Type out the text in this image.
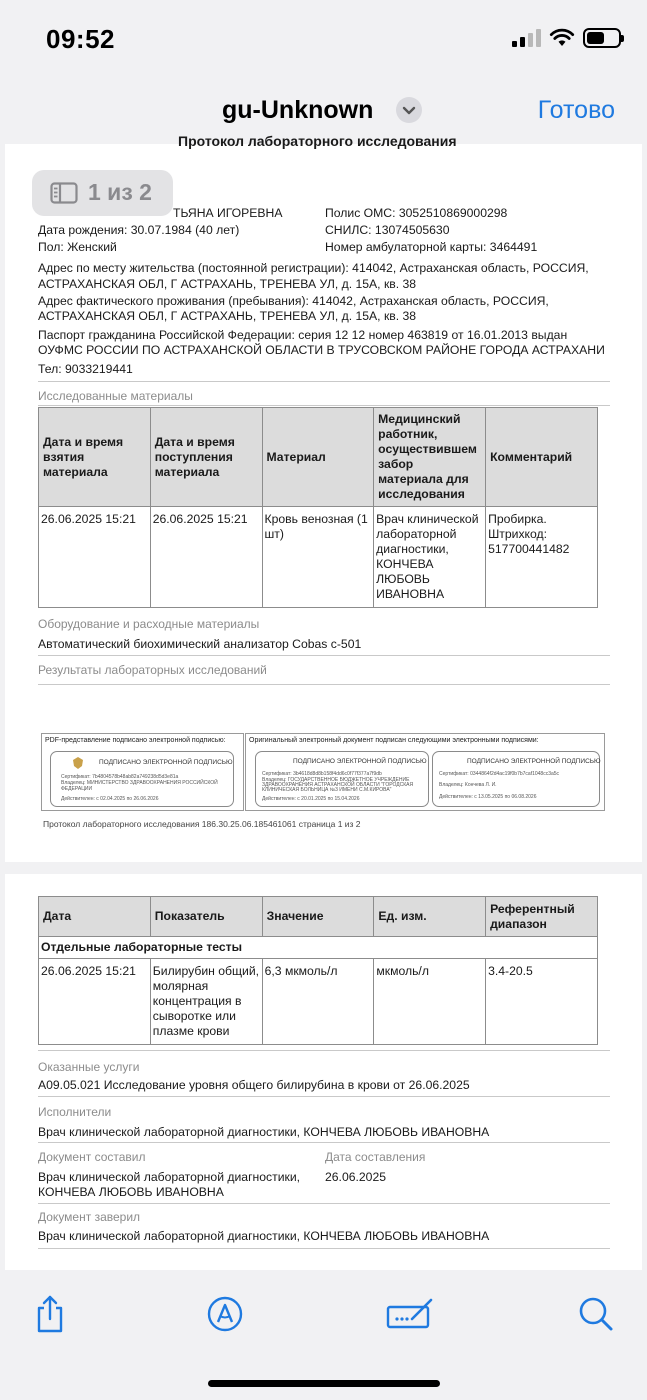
09:52
gu-Unknown	Готово
Протокол лабораторного исследования
ТЬЯНА ИГОРЕВНА
Дата рождения: 30.07.1984 (40 лет)
Пол: Женский
Полис ОМС: 3052510869000298
СНИЛС: 13074505630
Номер амбулаторной карты: 3464491
Адрес по месту жительства (постоянной регистрации): 414042, Астраханская область, РОССИЯ,
АСТРАХАНСКАЯ ОБЛ, Г АСТРАХАНЬ, ТРЕНЕВА УЛ, д. 15А, кв. 38
Адрес фактического проживания (пребывания): 414042, Астраханская область, РОССИЯ,
АСТРАХАНСКАЯ ОБЛ, Г АСТРАХАНЬ, ТРЕНЕВА УЛ, д. 15А, кв. 38
Паспорт гражданина Российской Федерации: серия 12 12 номер 463819 от 16.01.2013 выдан
ОУФМС РОССИИ ПО АСТРАХАНСКОЙ ОБЛАСТИ В ТРУСОВСКОМ РАЙОНЕ ГОРОДА АСТРАХАНИ
Тел: 9033219441
Исследованные материалы
Дата и время взятия материала	Дата и время поступления материала	Материал	Медицинский работник, осуществившем забор материала для исследования	Комментарий
26.06.2025 15:21	26.06.2025 15:21	Кровь венозная (1 шт)	Врач клинической лабораторной диагностики, КОНЧЕВА ЛЮБОВЬ ИВАНОВНА	Пробирка. Штрихкод: 517700441482
Оборудование и расходные материалы
Автоматический биохимический анализатор Cobas c-501
Результаты лабораторных исследований
PDF-представление подписано электронной подписью:
ПОДПИСАНО ЭЛЕКТРОННОЙ ПОДПИСЬЮ
Сертификат: 7b4804578b48ab82a749238d5d3e81a
Владелец: МИНИСТЕРСТВО ЗДРАВООХРАНЕНИЯ РОССИЙСКОЙ
ФЕДЕРАЦИИ
Действителен: с 02.04.2025 по 26.06.2026
Оригинальный электронный документ подписан следующими электронными подписями:
ПОДПИСАНО ЭЛЕКТРОННОЙ ПОДПИСЬЮ
Сертификат: 3b4618d8d8b158f4dd6c0f77f377a7f9db
Владелец: ГОСУДАРСТВЕННОЕ БЮДЖЕТНОЕ УЧРЕЖДЕНИЕ
ЗДРАВООХРАНЕНИЯ АСТРАХАНСКОЙ ОБЛАСТИ "ГОРОДСКАЯ
КЛИНИЧЕСКАЯ БОЛЬНИЦА №3 ИМЕНИ С.М.КИРОВА"
Действителен: с 20.01.2025 по 15.04.2026
ПОДПИСАНО ЭЛЕКТРОННОЙ ПОДПИСЬЮ
Сертификат: 0344864f2d4ac19f0b7b7caf1048cc3a5c
Владелец: Кончева Л. И.
Действителен: с 13.05.2025 по 06.08.2026
Протокол лабораторного исследования 186.30.25.06.185461061 страница 1 из 2
1 из 2
Дата	Показатель	Значение	Ед. изм.	Референтный диапазон
Отдельные лабораторные тесты				
26.06.2025 15:21	Билирубин общий, молярная концентрация в сыворотке или плазме крови	6,3 мкмоль/л	мкмоль/л	3.4-20.5
Оказанные услуги
A09.05.021 Исследование уровня общего билирубина в крови от 26.06.2025
Исполнители
Врач клинической лабораторной диагностики, КОНЧЕВА ЛЮБОВЬ ИВАНОВНА
Документ составил
Врач клинической лабораторной диагностики,
КОНЧЕВА ЛЮБОВЬ ИВАНОВНА
Дата составления
26.06.2025
Документ заверил
Врач клинической лабораторной диагностики, КОНЧЕВА ЛЮБОВЬ ИВАНОВНА
